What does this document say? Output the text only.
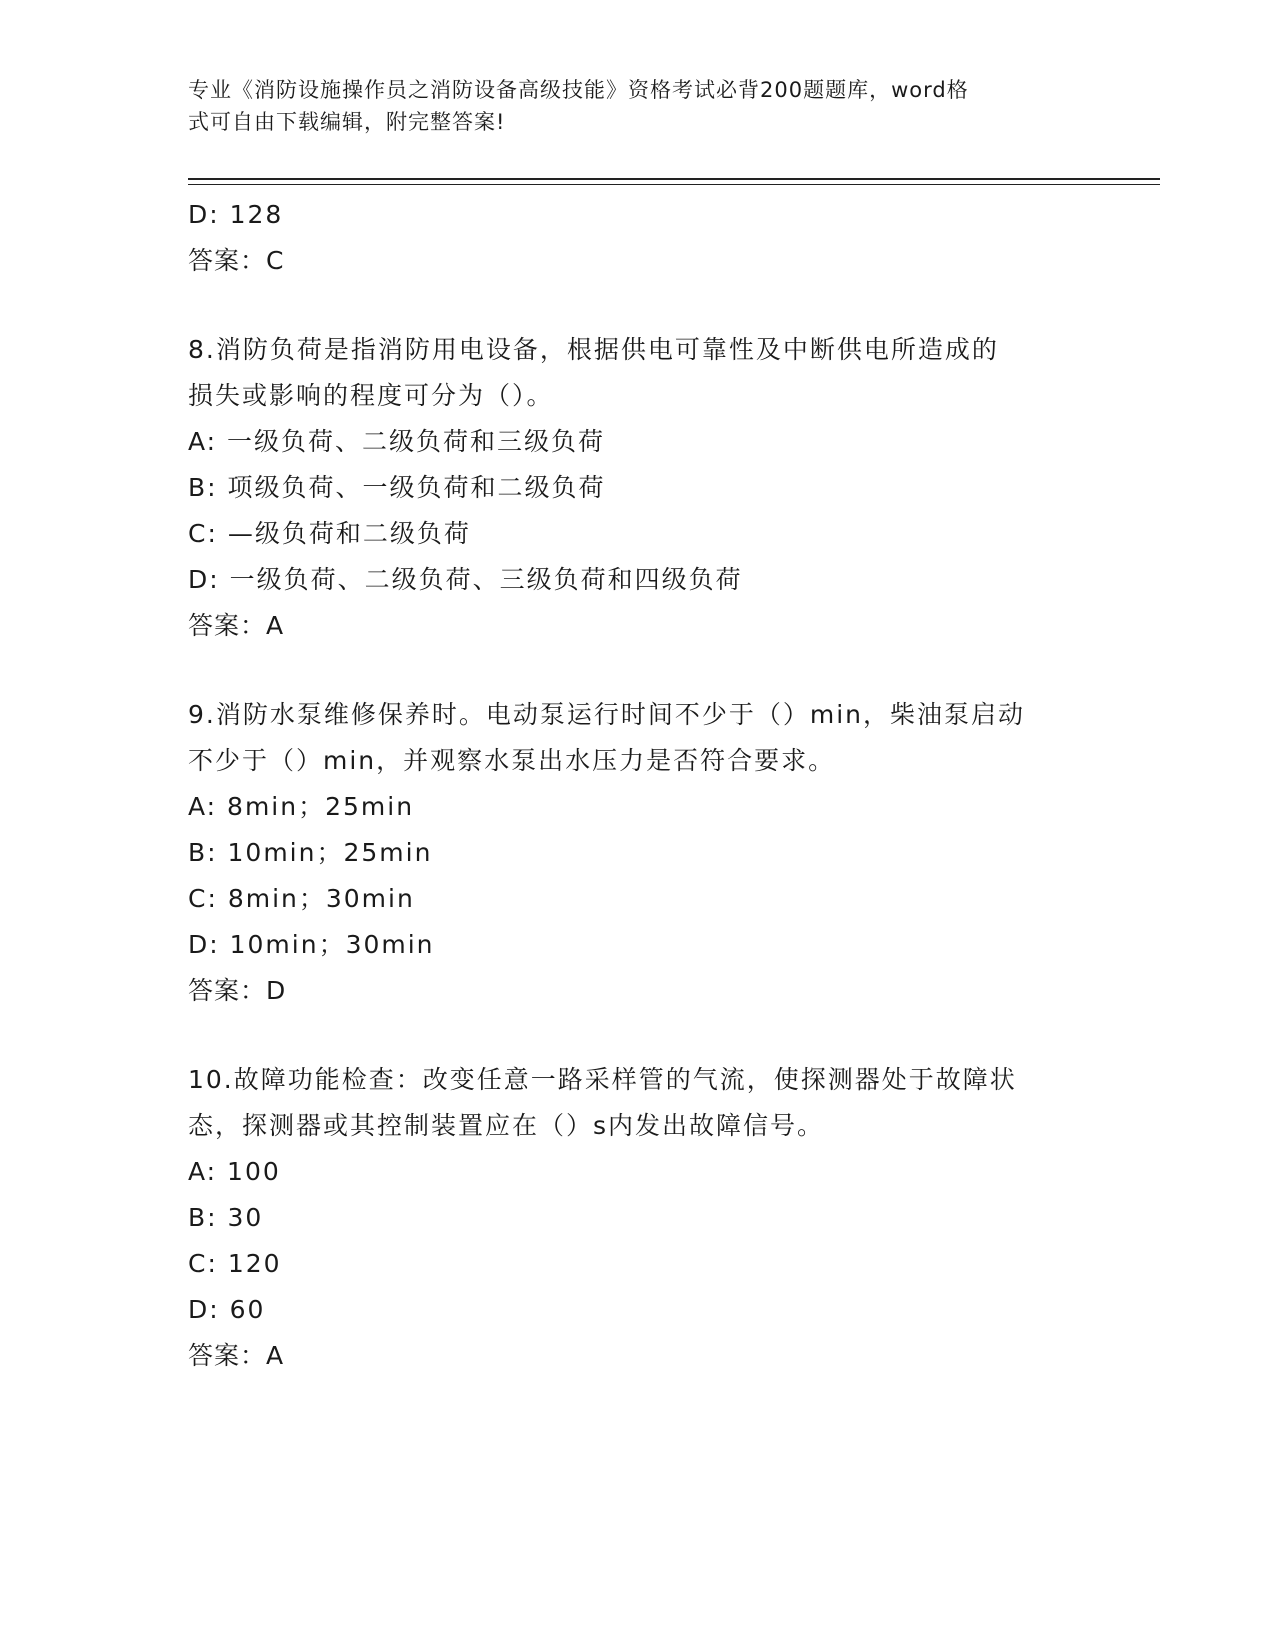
专业《消防设施操作员之消防设备高级技能》资格考试必背200题题库，word格
式可自由下载编辑，附完整答案!
D: 128
答案：C
8.消防负荷是指消防用电设备，根据供电可靠性及中断供电所造成的
损失或影响的程度可分为（）。
A: 一级负荷、二级负荷和三级负荷
B: 项级负荷、一级负荷和二级负荷
C: —级负荷和二级负荷
D: 一级负荷、二级负荷、三级负荷和四级负荷
答案：A
9.消防水泵维修保养时。电动泵运行时间不少于（）min，柴油泵启动
不少于（）min，并观察水泵出水压力是否符合要求。
A: 8min；25min
B: 10min；25min
C: 8min；30min
D: 10min；30min
答案：D
10.故障功能检查：改变任意一路采样管的气流，使探测器处于故障状
态，探测器或其控制装置应在（）s内发出故障信号。
A: 100
B: 30
C: 120
D: 60
答案：A
